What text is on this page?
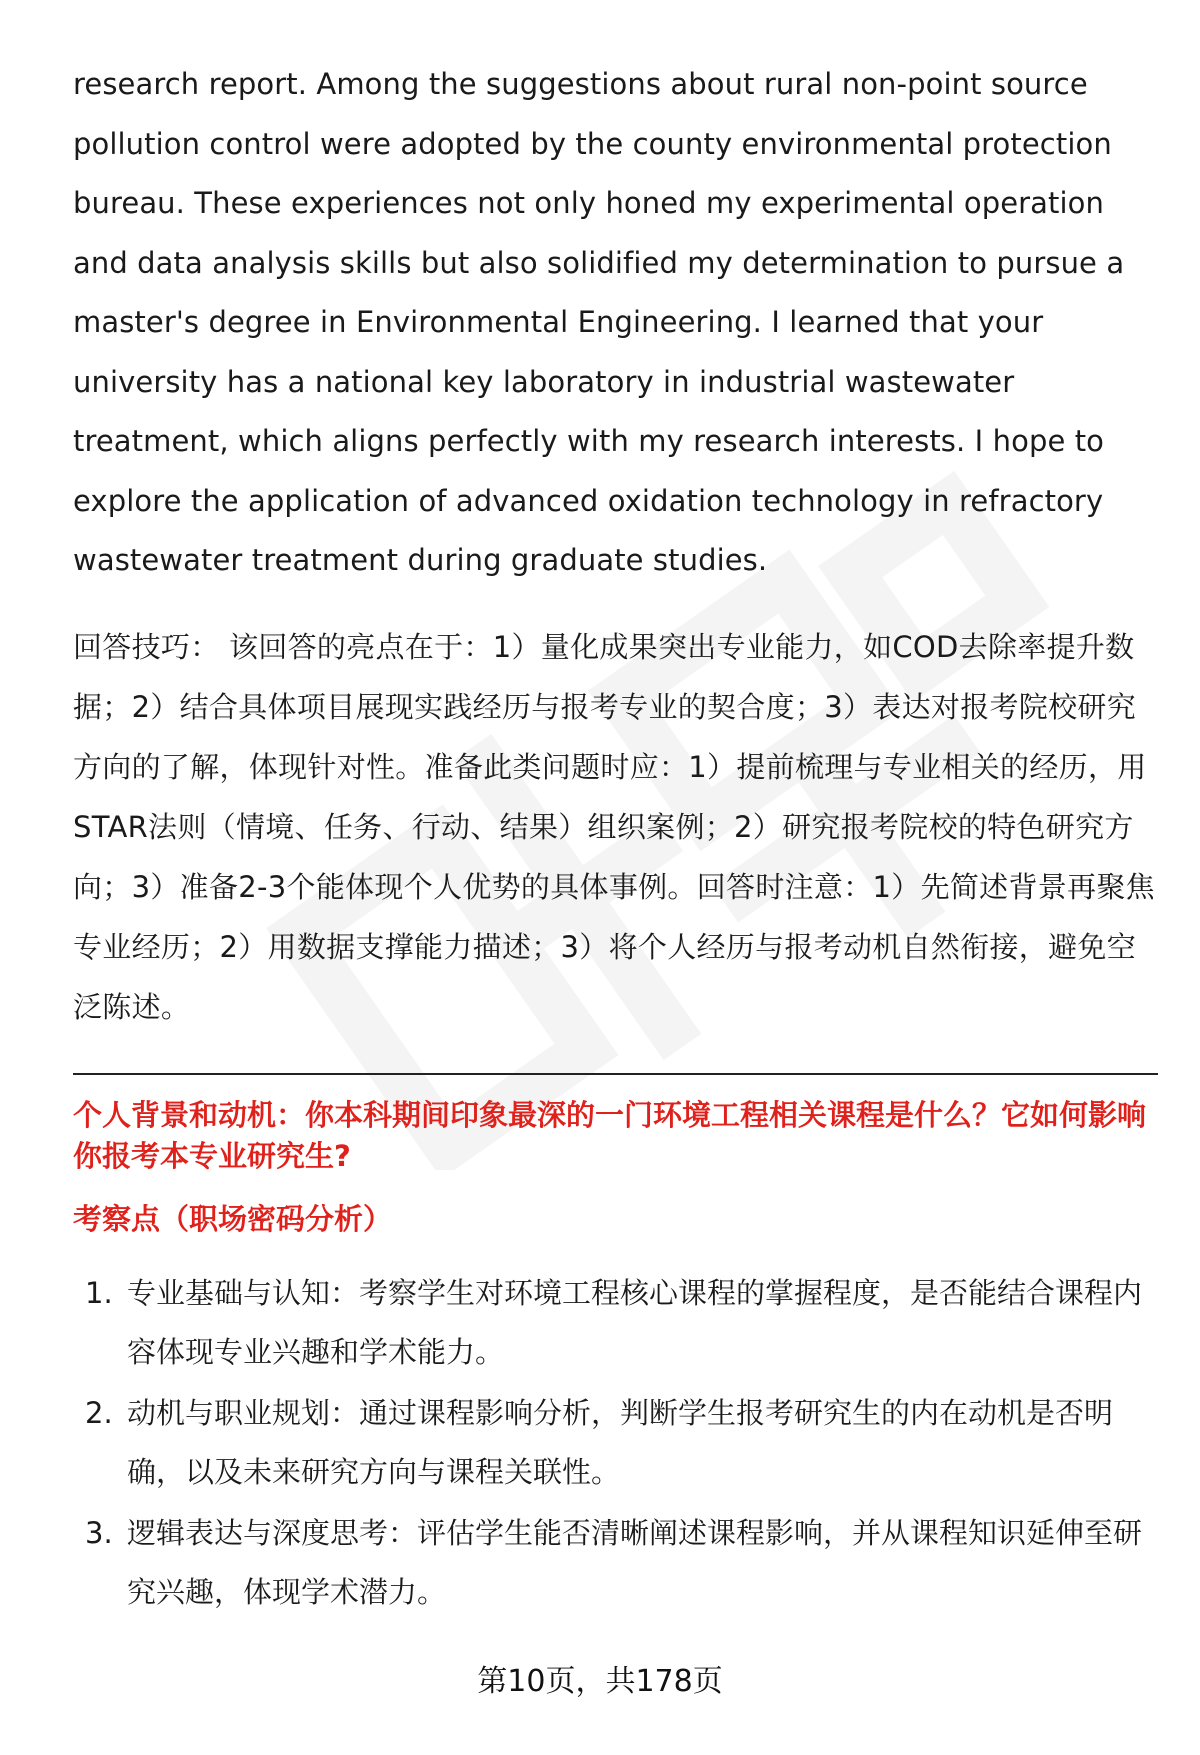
research report. Among the suggestions about rural non-point source pollution control were adopted by the county environmental protection bureau. These experiences not only honed my experimental operation and data analysis skills but also solidified my determination to pursue a master's degree in Environmental Engineering. I learned that your university has a national key laboratory in industrial wastewater treatment, which aligns perfectly with my research interests. I hope to explore the application of advanced oxidation technology in refractory wastewater treatment during graduate studies.

回答技巧： 该回答的亮点在于：1）量化成果突出专业能力，如COD去除率提升数据；2）结合具体项目展现实践经历与报考专业的契合度；3）表达对报考院校研究方向的了解，体现针对性。准备此类问题时应：1）提前梳理与专业相关的经历，用STAR法则（情境、任务、行动、结果）组织案例；2）研究报考院校的特色研究方向；3）准备2-3个能体现个人优势的具体事例。回答时注意：1）先简述背景再聚焦专业经历；2）用数据支撑能力描述；3）将个人经历与报考动机自然衔接，避免空泛陈述。

个人背景和动机：你本科期间印象最深的一门环境工程相关课程是什么？它如何影响你报考本专业研究生?
考察点（职场密码分析）
1. 专业基础与认知：考察学生对环境工程核心课程的掌握程度，是否能结合课程内容体现专业兴趣和学术能力。
2. 动机与职业规划：通过课程影响分析，判断学生报考研究生的内在动机是否明确，以及未来研究方向与课程关联性。
3. 逻辑表达与深度思考：评估学生能否清晰阐述课程影响，并从课程知识延伸至研究兴趣，体现学术潜力。
第10页，共178页
